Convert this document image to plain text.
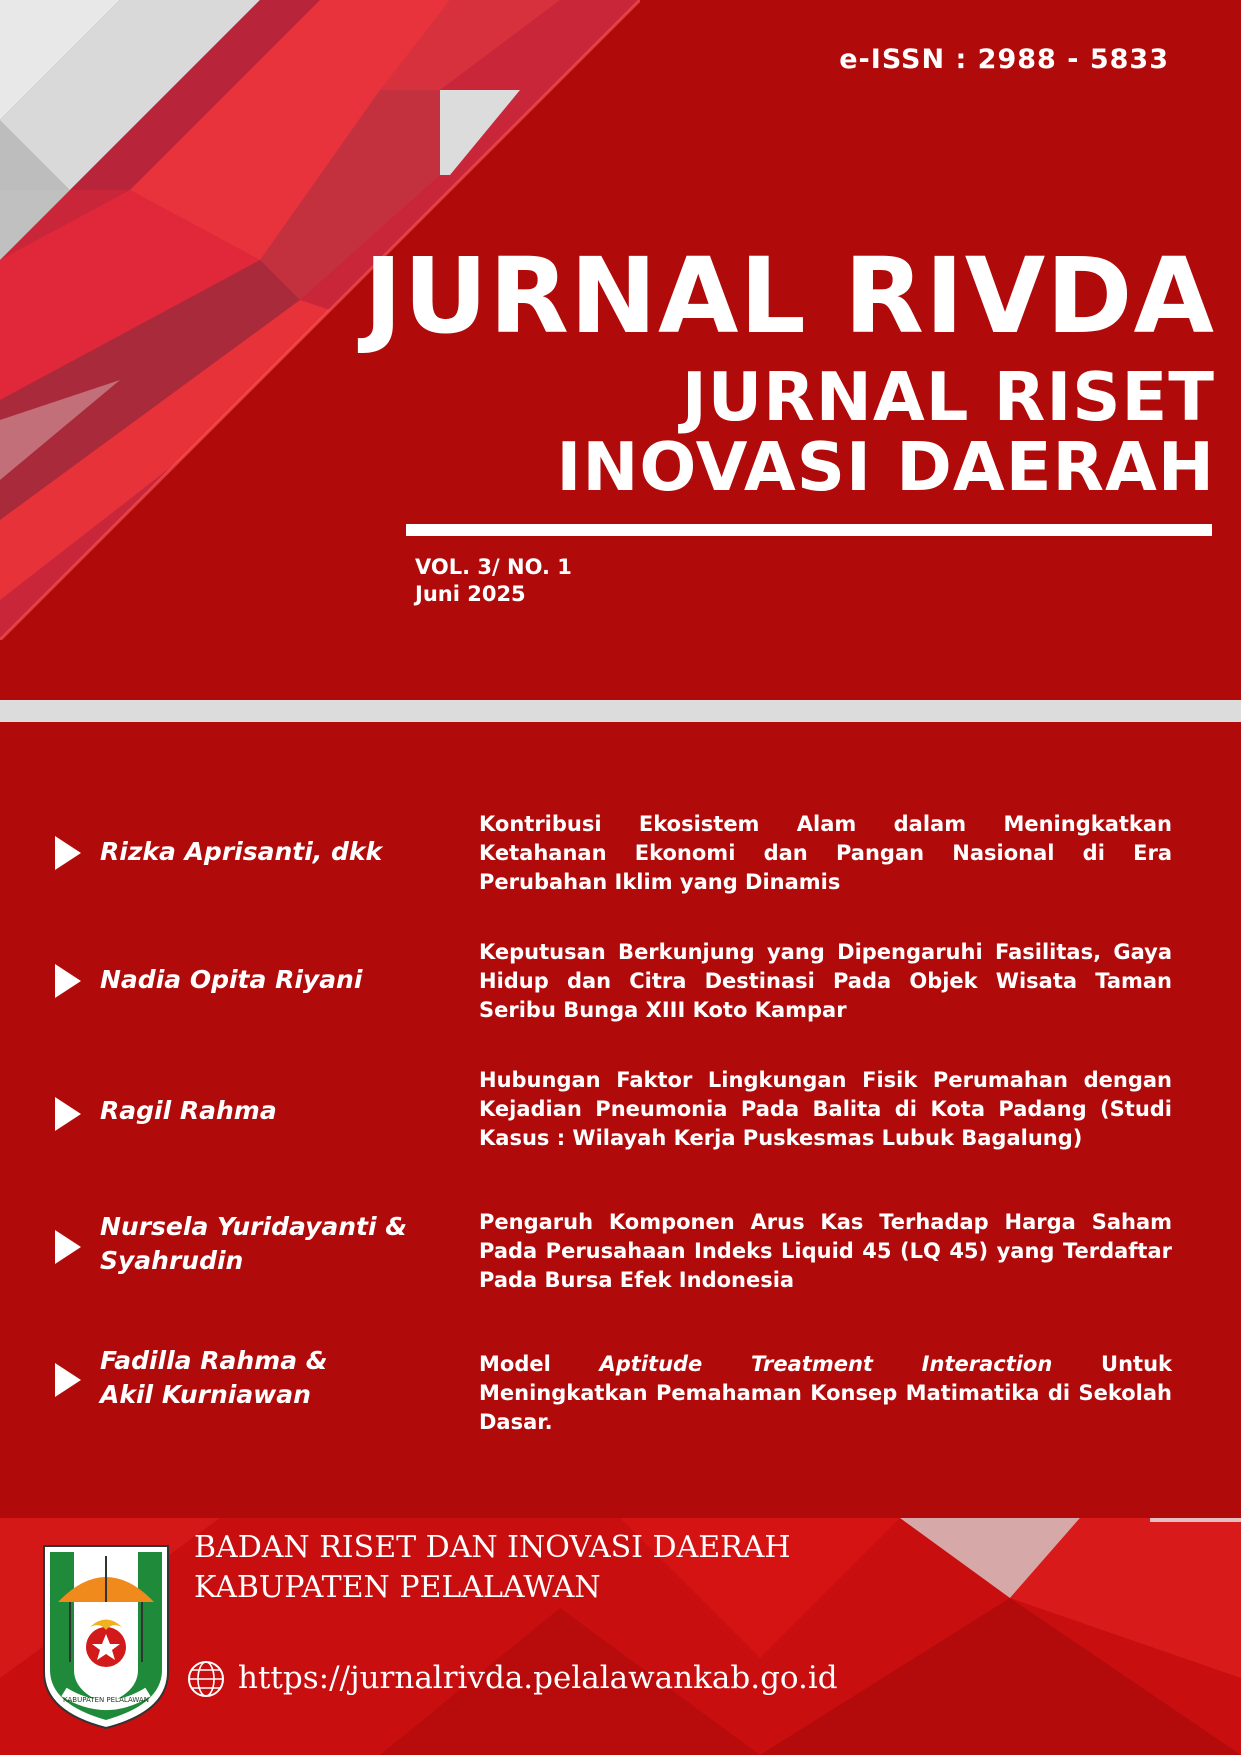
e-ISSN : 2988 - 5833
JURNAL RIVDA
JURNAL RISET
INOVASI DAERAH
VOL. 3/ NO. 1
Juni 2025
Rizka Aprisanti, dkk
Kontribusi Ekosistem Alam dalam Meningkatkan Ketahanan Ekonomi dan Pangan Nasional di Era Perubahan Iklim yang Dinamis
Nadia Opita Riyani
Keputusan Berkunjung yang Dipengaruhi Fasilitas, Gaya Hidup dan Citra Destinasi Pada Objek Wisata Taman Seribu Bunga XIII Koto Kampar
Ragil Rahma
Hubungan Faktor Lingkungan Fisik Perumahan dengan Kejadian Pneumonia Pada Balita di Kota Padang (Studi Kasus : Wilayah Kerja Puskesmas Lubuk Bagalung)
Nursela Yuridayanti &
Syahrudin
Pengaruh Komponen Arus Kas Terhadap Harga Saham Pada Perusahaan Indeks Liquid 45 (LQ 45) yang Terdaftar Pada Bursa Efek Indonesia
Fadilla Rahma &
Akil Kurniawan
Model Aptitude Treatment Interaction Untuk Meningkatkan Pemahaman Konsep Matimatika di Sekolah Dasar.
KABUPATEN PELALAWAN
BADAN RISET DAN INOVASI DAERAH
KABUPATEN PELALAWAN
https://jurnalrivda.pelalawankab.go.id
